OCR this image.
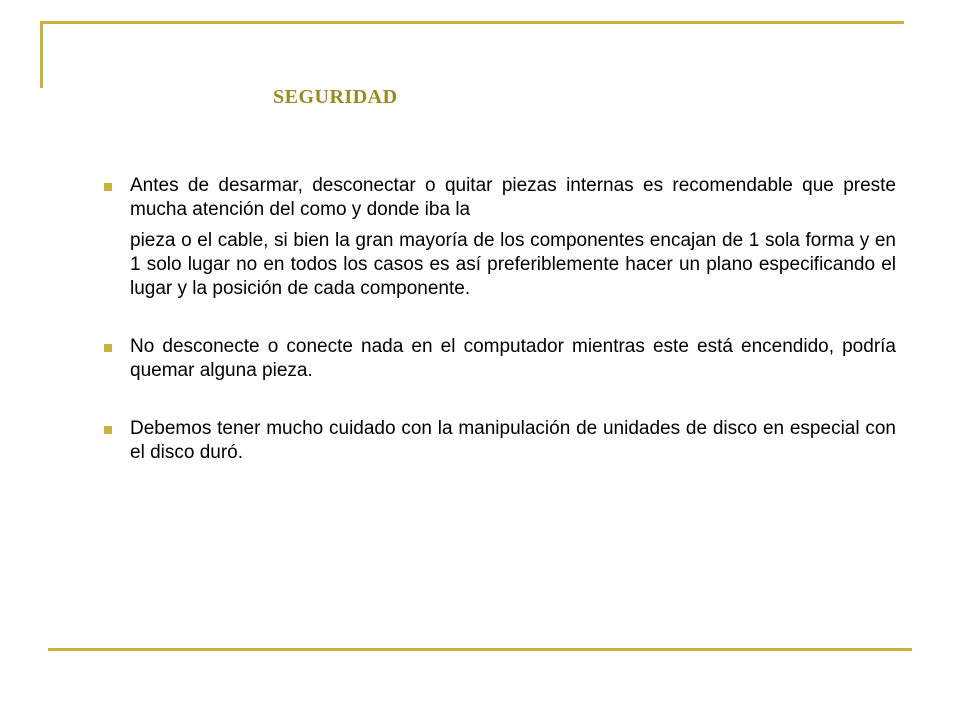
SEGURIDAD
Antes de desarmar, desconectar o quitar piezas internas es recomendable que preste mucha atención del como y donde iba la
pieza o el cable, si bien la gran mayoría de los componentes encajan de 1 sola forma y en 1 solo lugar no en todos los casos es así preferiblemente hacer un plano especificando el lugar y la posición de cada componente.
No desconecte o conecte nada en el computador mientras este está encendido, podría quemar alguna pieza.
Debemos tener mucho cuidado con la manipulación de unidades de disco en especial con el disco duró.
